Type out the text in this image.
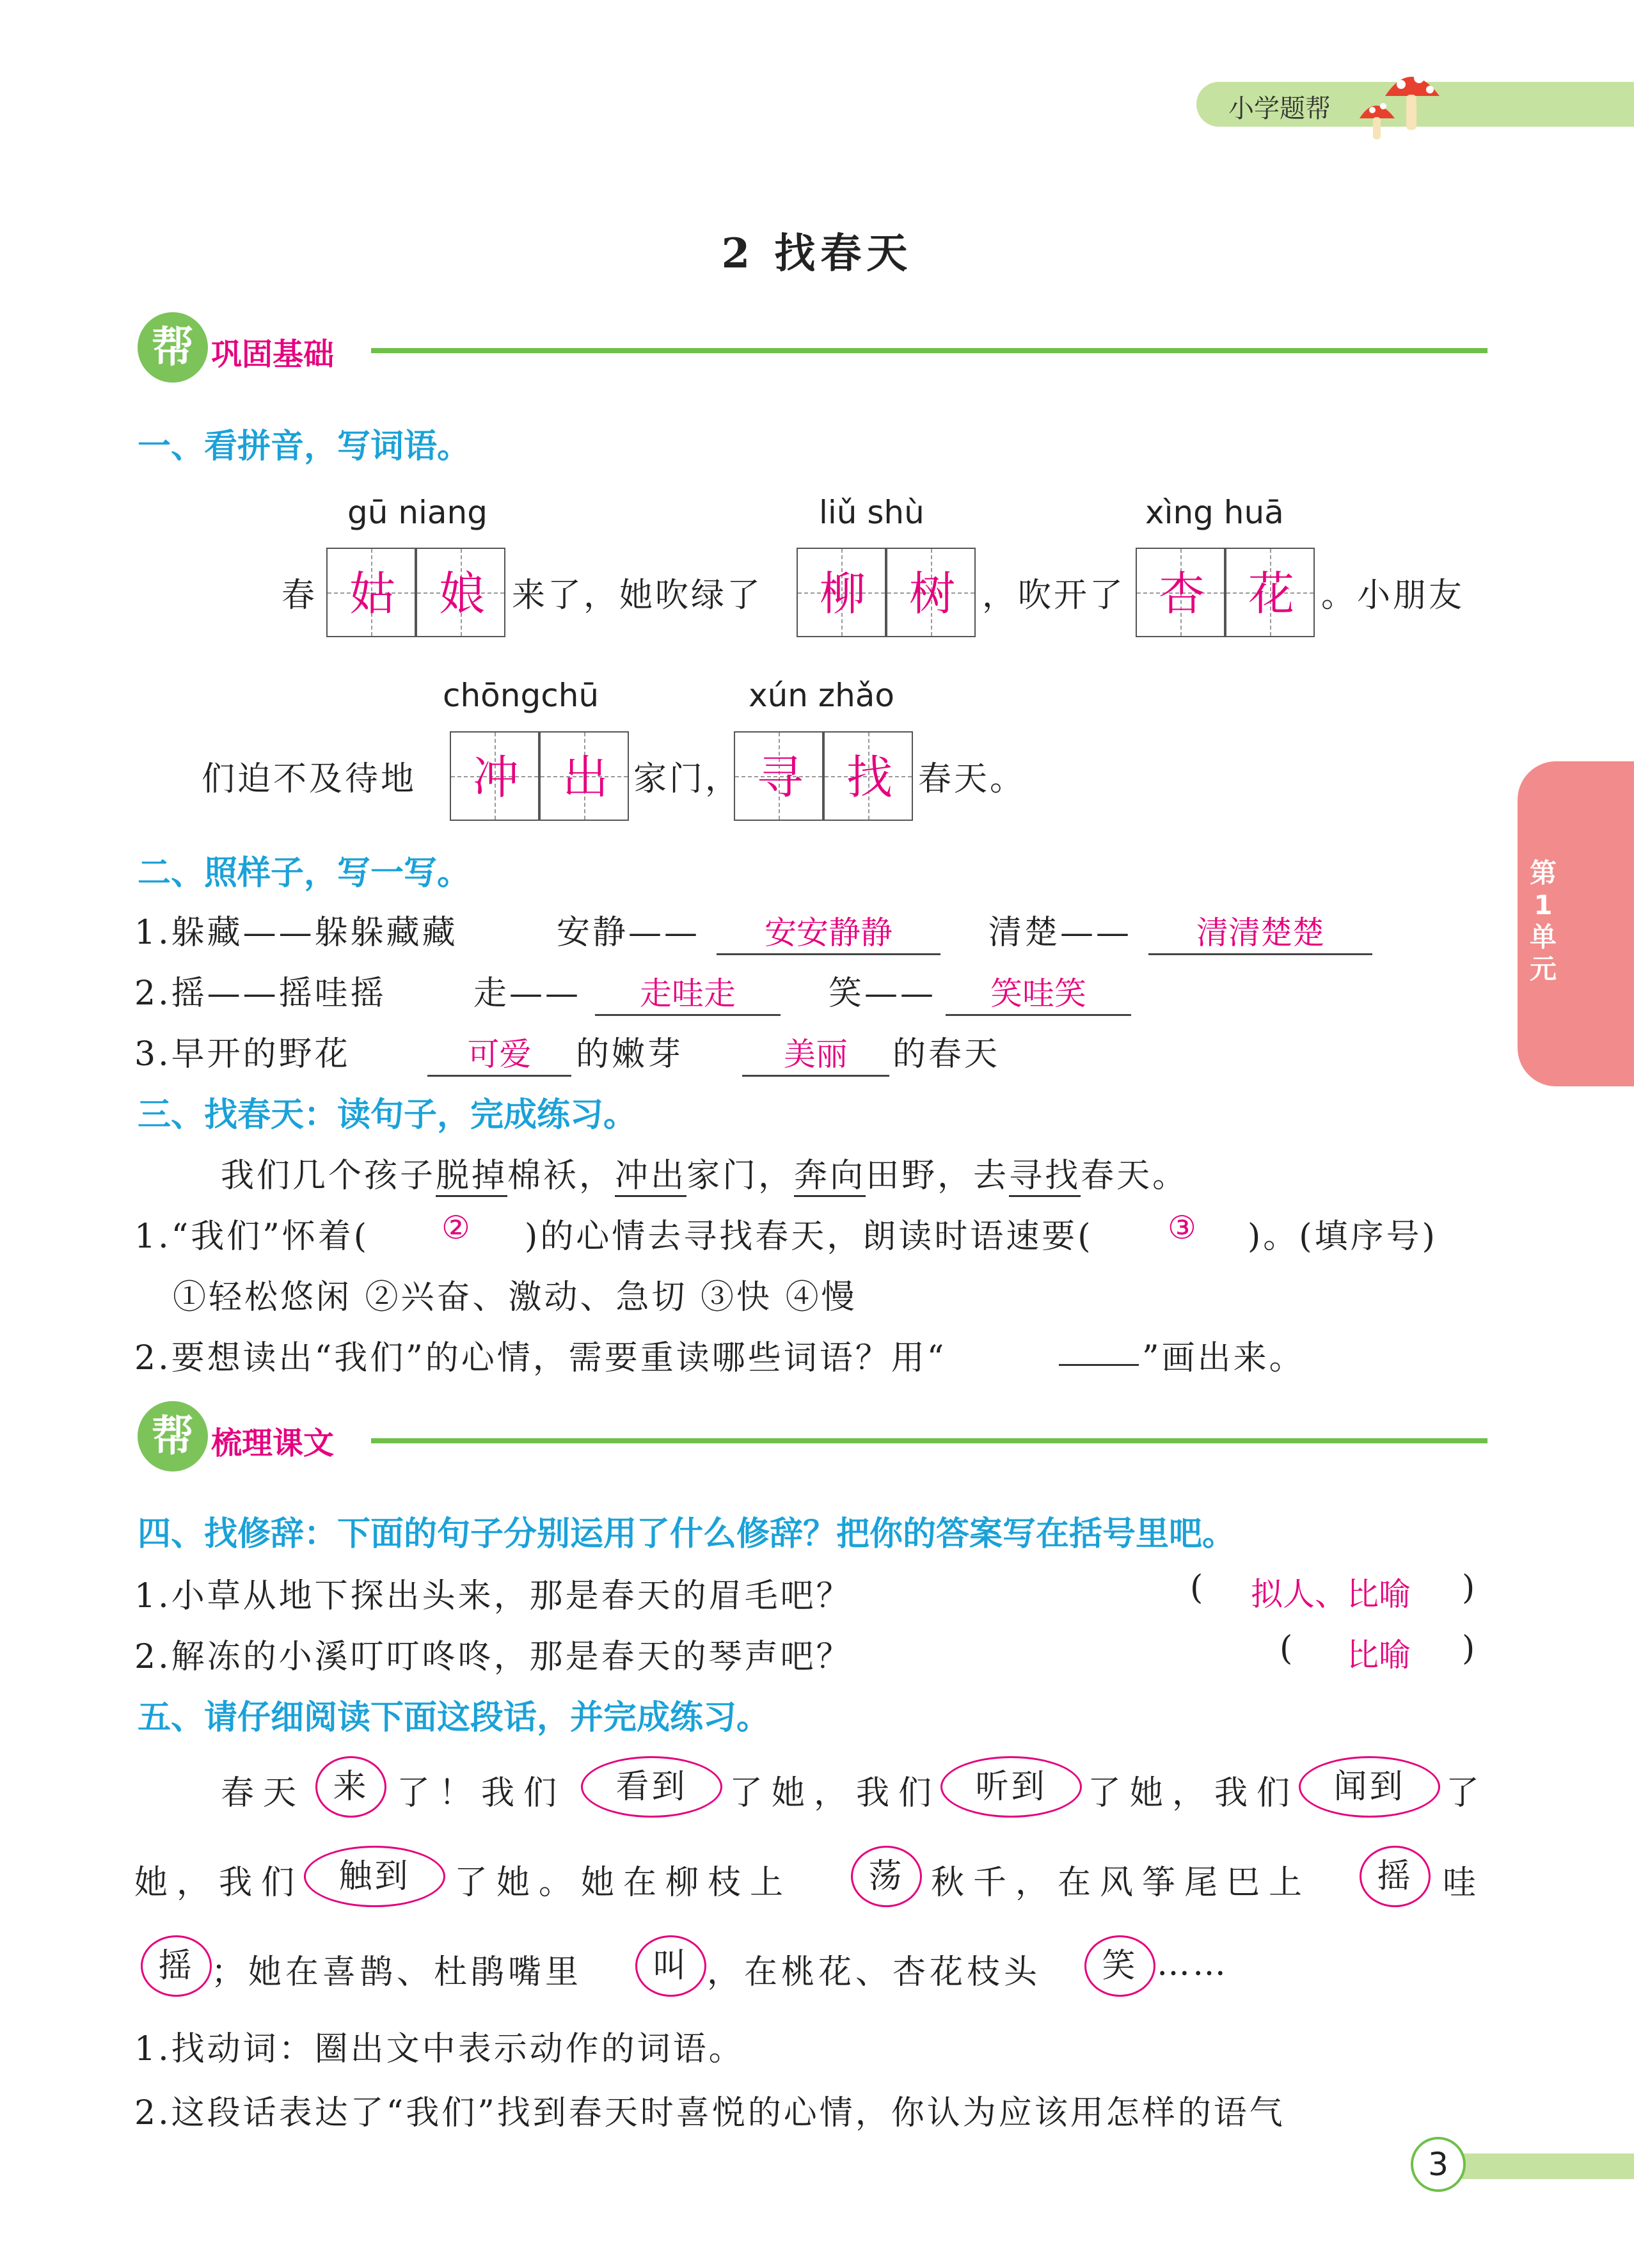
小学题帮
第1单元
2 找春天
帮 巩固基础
一、看拼音，写词语。
gū niang	liǔ shù	xìng huā
春 姑 娘 来了，她吹绿了	柳 树 ，吹开了 杏 花 。小朋友
chōngchū	xún zhǎo
们迫不及待地	冲 出 家门， 寻 找 春天。
二、照样子，写一写。
1.躲藏——躲躲藏藏	安静——	安安静静	清楚——	清清楚楚
2.摇——摇哇摇	走——	走哇走	笑——	笑哇笑
3.早开的野花	可爱	的嫩芽	美丽	的春天
三、找春天：读句子，完成练习。
我们几个孩子脱掉棉袄，冲出家门，奔向田野，去寻找春天。
1.“我们”怀着( ② )的心情去寻找春天，朗读时语速要( ③ )。(填序号)
①轻松悠闲 ②兴奋、激动、急切 ③快 ④慢
2.要想读出“我们”的心情，需要重读哪些词语？用“	”画出来。
帮 梳理课文
四、找修辞：下面的句子分别运用了什么修辞？把你的答案写在括号里吧。
1.小草从地下探出头来，那是春天的眉毛吧？	( 拟人、比喻 )
2.解冻的小溪叮叮咚咚，那是春天的琴声吧？	( 比喻 )
五、请仔细阅读下面这段话，并完成练习。
春天 来 了！我们	看到	了她，我们	听到	了她，我们	闻到	了
她，我们	触到	了她。她在柳枝上	荡 秋千，在风筝尾巴上	摇 哇
摇 ；她在喜鹊、杜鹃嘴里	叫 ，在桃花、杏花枝头	笑 ……
1.找动词：圈出文中表示动作的词语。
2.这段话表达了“我们”找到春天时喜悦的心情，你认为应该用怎样的语气
3
